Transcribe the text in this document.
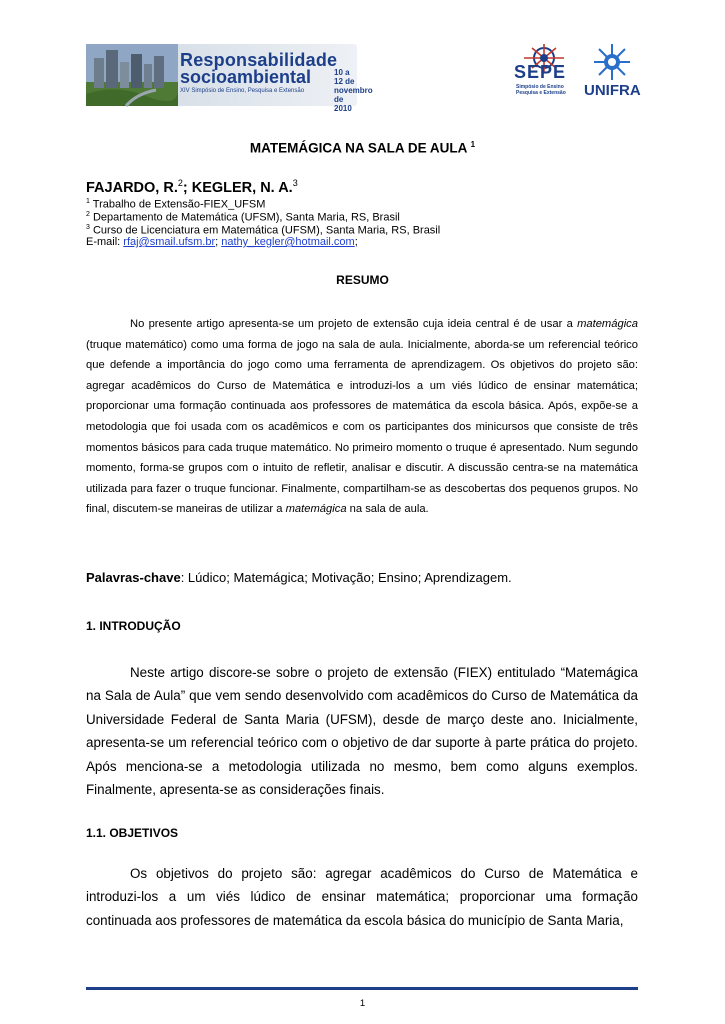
Responsabilidade
socioambiental	10 a 12 de novembro de 2010
XIV Simpósio de Ensino, Pesquisa e Extensão
SEPE
Simpósio de Ensino Pesquisa e Extensão	UNIFRA
MATEMÁGICA NA SALA DE AULA $^1$
FAJARDO, R.$^2$; KEGLER, N. A.$^3$
$^1$ Trabalho de Extensão-FIEX_UFSM
$^2$ Departamento de Matemática (UFSM), Santa Maria, RS, Brasil
$^3$ Curso de Licenciatura em Matemática (UFSM), Santa Maria, RS, Brasil
E-mail: rfaj@smail.ufsm.br; nathy_kegler@hotmail.com;
RESUMO

No presente artigo apresenta-se um projeto de extensão cuja ideia central é de usar a matemágica (truque matemático) como uma forma de jogo na sala de aula. Inicialmente, aborda-se um referencial teórico que defende a importância do jogo como uma ferramenta de aprendizagem. Os objetivos do projeto são: agregar acadêmicos do Curso de Matemática e introduzi-los a um viés lúdico de ensinar matemática; proporcionar uma formação continuada aos professores de matemática da escola básica. Após, expõe-se a metodologia que foi usada com os acadêmicos e com os participantes dos minicursos que consiste de três momentos básicos para cada truque matemático. No primeiro momento o truque é apresentado. Num segundo momento, forma-se grupos com o intuito de refletir, analisar e discutir. A discussão centra-se na matemática utilizada para fazer o truque funcionar. Finalmente, compartilham-se as descobertas dos pequenos grupos. No final, discutem-se maneiras de utilizar a matemágica na sala de aula.

Palavras-chave: Lúdico; Matemágica; Motivação; Ensino; Aprendizagem.
1. INTRODUÇÃO

Neste artigo discore-se sobre o projeto de extensão (FIEX) entitulado “Matemágica na Sala de Aula” que vem sendo desenvolvido com acadêmicos do Curso de Matemática da Universidade Federal de Santa Maria (UFSM), desde de março deste ano. Inicialmente, apresenta-se um referencial teórico com o objetivo de dar suporte à parte prática do projeto. Após menciona-se a metodologia utilizada no mesmo, bem como alguns exemplos. Finalmente, apresenta-se as considerações finais.

1.1. OBJETIVOS

Os objetivos do projeto são: agregar acadêmicos do Curso de Matemática e introduzi-los a um viés lúdico de ensinar matemática; proporcionar uma formação continuada aos professores de matemática da escola básica do município de Santa Maria,

1
